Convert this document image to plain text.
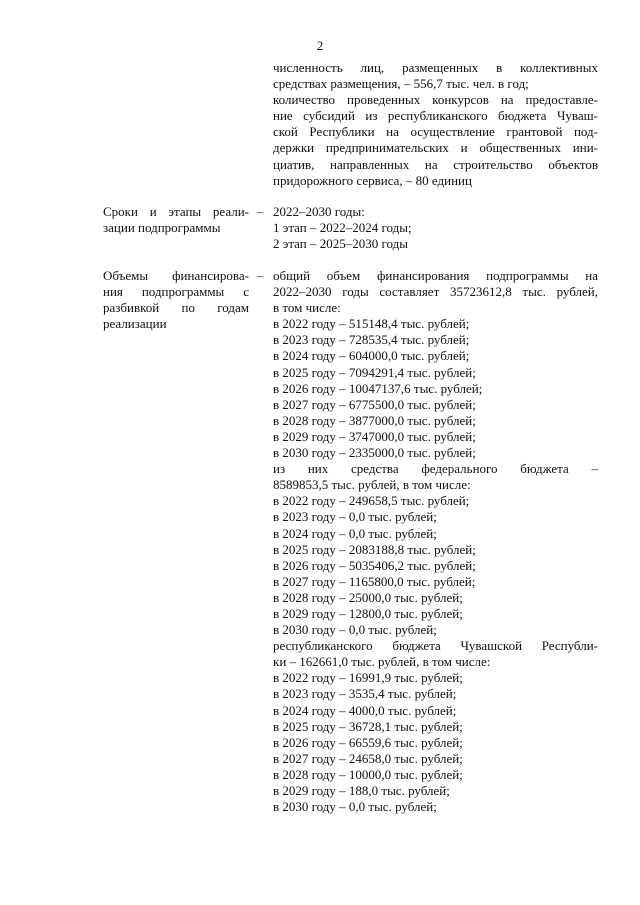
2
численность лиц, размещенных в коллективных
средствах размещения, – 556,7 тыс. чел. в год;
количество проведенных конкурсов на предоставле-
ние субсидий из республиканского бюджета Чуваш-
ской Республики на осуществление грантовой под-
держки предпринимательских и общественных ини-
циатив, направленных на строительство объектов
придорожного сервиса, – 80 единиц
Сроки и этапы реали-
зации подпрограммы
– 2022–2030 годы:
1 этап – 2022–2024 годы;
2 этап – 2025–2030 годы
Объемы финансирова-
ния подпрограммы с
разбивкой по годам
реализации
– общий объем финансирования подпрограммы на
2022–2030 годы составляет 35723612,8 тыс. рублей,
в том числе:
в 2022 году – 515148,4 тыс. рублей;
в 2023 году – 728535,4 тыс. рублей;
в 2024 году – 604000,0 тыс. рублей;
в 2025 году – 7094291,4 тыс. рублей;
в 2026 году – 10047137,6 тыс. рублей;
в 2027 году – 6775500,0 тыс. рублей;
в 2028 году – 3877000,0 тыс. рублей;
в 2029 году – 3747000,0 тыс. рублей;
в 2030 году – 2335000,0 тыс. рублей;
из них средства федерального бюджета –
8589853,5 тыс. рублей, в том числе:
в 2022 году – 249658,5 тыс. рублей;
в 2023 году – 0,0 тыс. рублей;
в 2024 году – 0,0 тыс. рублей;
в 2025 году – 2083188,8 тыс. рублей;
в 2026 году – 5035406,2 тыс. рублей;
в 2027 году – 1165800,0 тыс. рублей;
в 2028 году – 25000,0 тыс. рублей;
в 2029 году – 12800,0 тыс. рублей;
в 2030 году – 0,0 тыс. рублей;
республиканского бюджета Чувашской Республи-
ки – 162661,0 тыс. рублей, в том числе:
в 2022 году – 16991,9 тыс. рублей;
в 2023 году – 3535,4 тыс. рублей;
в 2024 году – 4000,0 тыс. рублей;
в 2025 году – 36728,1 тыс. рублей;
в 2026 году – 66559,6 тыс. рублей;
в 2027 году – 24658,0 тыс. рублей;
в 2028 году – 10000,0 тыс. рублей;
в 2029 году – 188,0 тыс. рублей;
в 2030 году – 0,0 тыс. рублей;
